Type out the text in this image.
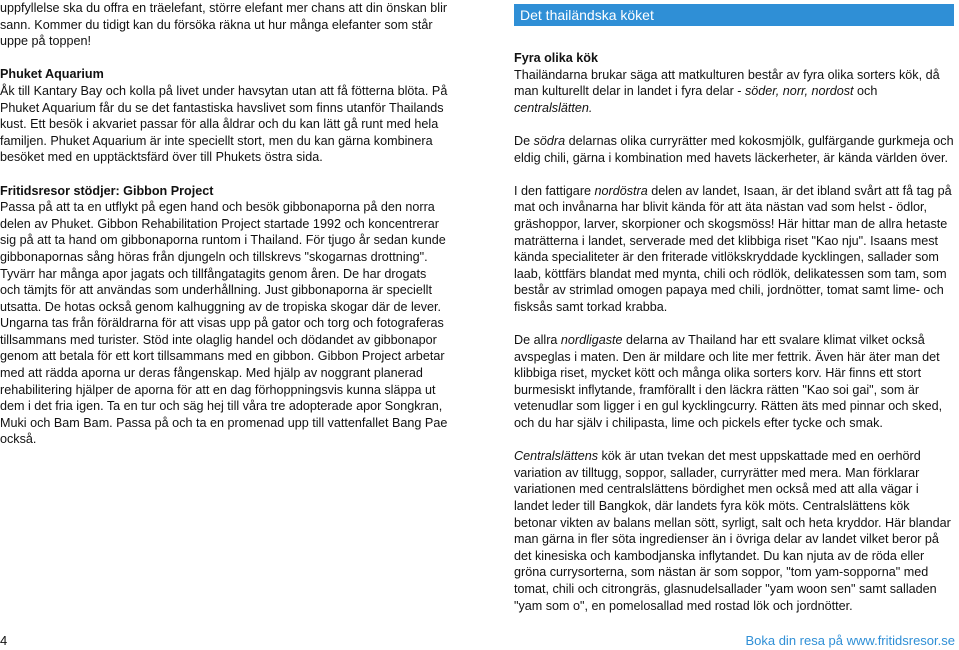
uppfyllelse ska du offra en träelefant, större elefant mer chans att din önskan blir sann. Kommer du tidigt kan du försöka räkna ut hur många elefanter som står uppe på toppen!

Phuket Aquarium

Åk till Kantary Bay och kolla på livet under havsytan utan att få fötterna blöta. På Phuket Aquarium får du se det fantastiska havslivet som finns utanför Thailands kust. Ett besök i akvariet passar för alla åldrar och du kan lätt gå runt med hela familjen. Phuket Aquarium är inte speciellt stort, men du kan gärna kombinera besöket med en upptäcktsfärd över till Phukets östra sida.

Fritidsresor stödjer: Gibbon Project

Passa på att ta en utflykt på egen hand och besök gibbonaporna på den norra delen av Phuket. Gibbon Rehabilitation Project startade 1992 och koncentrerar sig på att ta hand om gibbonaporna runtom i Thailand. För tjugo år sedan kunde gibbonapornas sång höras från djungeln och tillskrevs "skogarnas drottning". Tyvärr har många apor jagats och tillfångatagits genom åren. De har drogats och tämjts för att användas som underhållning. Just gibbonaporna är speciellt utsatta. De hotas också genom kalhuggning av de tropiska skogar där de lever. Ungarna tas från föräldrarna för att visas upp på gator och torg och fotograferas tillsammans med turister. Stöd inte olaglig handel och dödandet av gibbonapor genom att betala för ett kort tillsammans med en gibbon. Gibbon Project arbetar med att rädda aporna ur deras fångenskap. Med hjälp av noggrant planerad rehabilitering hjälper de aporna för att en dag förhoppningsvis kunna släppa ut dem i det fria igen. Ta en tur och säg hej till våra tre adopterade apor Songkran, Muki och Bam Bam. Passa på och ta en promenad upp till vattenfallet Bang Pae också.

Det thailändska köket

Fyra olika kök

Thailändarna brukar säga att matkulturen består av fyra olika sorters kök, då man kulturellt delar in landet i fyra delar - söder, norr, nordost och centralslätten.

De södra delarnas olika curryrätter med kokosmjölk, gulfärgande gurkmeja och eldig chili, gärna i kombination med havets läckerheter, är kända världen över.

I den fattigare nordöstra delen av landet, Isaan, är det ibland svårt att få tag på mat och invånarna har blivit kända för att äta nästan vad som helst - ödlor, gräshoppor, larver, skorpioner och skogsmöss! Här hittar man de allra hetaste maträtterna i landet, serverade med det klibbiga riset "Kao nju". Isaans mest kända specialiteter är den friterade vitlökskryddade kycklingen, sallader som laab, köttfärs blandat med mynta, chili och rödlök, delikatessen som tam, som består av strimlad omogen papaya med chili, jordnötter, tomat samt lime- och fisksås samt torkad krabba.

De allra nordligaste delarna av Thailand har ett svalare klimat vilket också avspeglas i maten. Den är mildare och lite mer fettrik. Även här äter man det klibbiga riset, mycket kött och många olika sorters korv. Här finns ett stort burmesiskt inflytande, framförallt i den läckra rätten "Kao soi gai", som är vetenudlar som ligger i en gul kycklingcurry. Rätten äts med pinnar och sked, och du har själv i chilipasta, lime och pickels efter tycke och smak.

Centralslättens kök är utan tvekan det mest uppskattade med en oerhörd variation av tilltugg, soppor, sallader, curryrätter med mera. Man förklarar variationen med centralslättens bördighet men också med att alla vägar i landet leder till Bangkok, där landets fyra kök möts. Centralslättens kök betonar vikten av balans mellan sött, syrligt, salt och heta kryddor. Här blandar man gärna in fler söta ingredienser än i övriga delar av landet vilket beror på det kinesiska och kambodjanska inflytandet. Du kan njuta av de röda eller gröna currysorterna, som nästan är som soppor, "tom yam-sopporna" med tomat, chili och citrongräs, glasnudelsallader "yam woon sen" samt salladen "yam som o", en pomelosallad med rostad lök och jordnötter.

4	Boka din resa på www.fritidsresor.se
